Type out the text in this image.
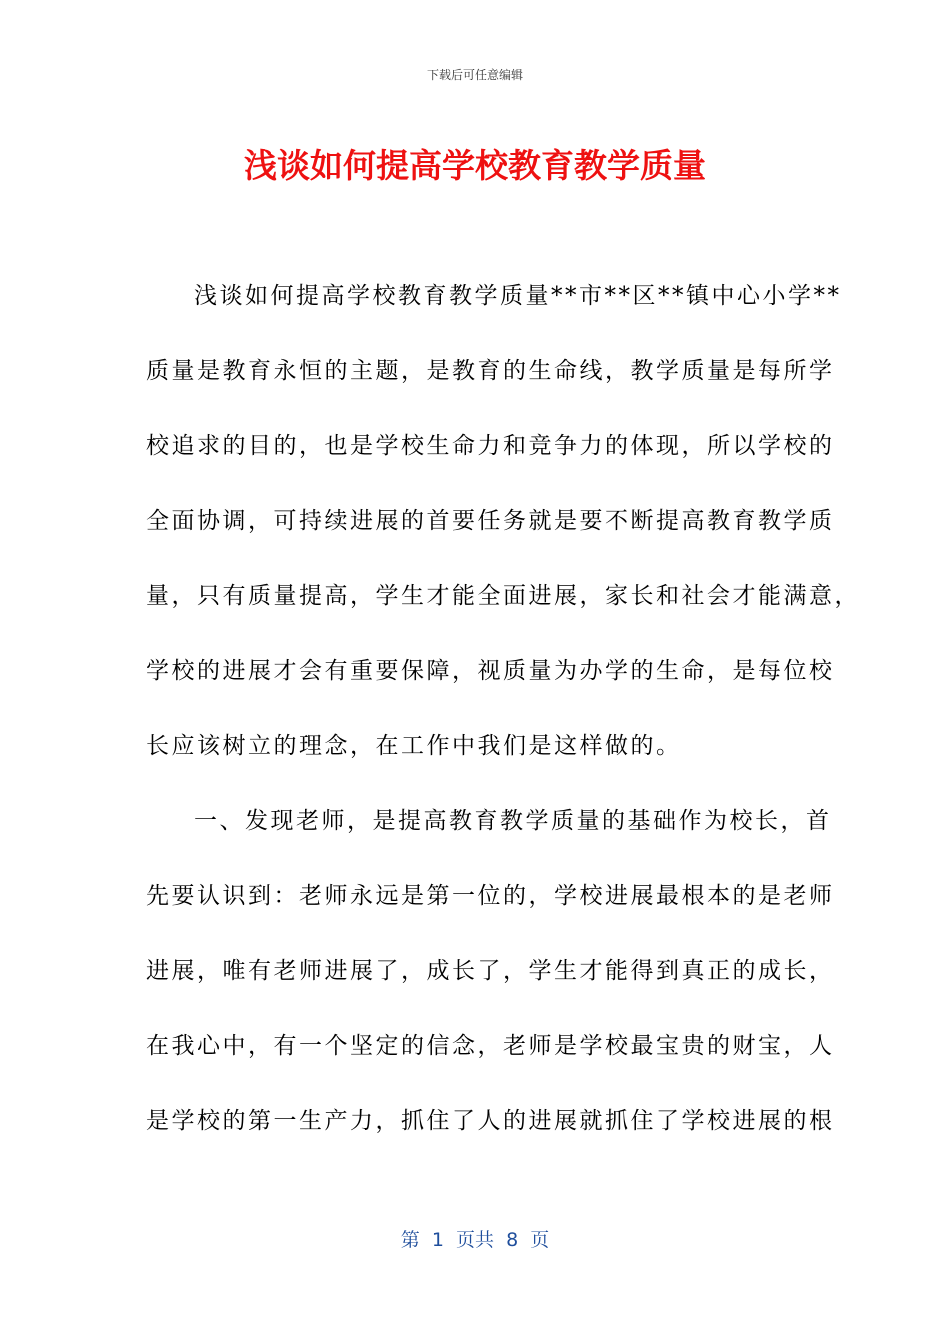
下载后可任意编辑
浅谈如何提高学校教育教学质量
浅谈如何提高学校教育教学质量**市**区**镇中心小学**
质量是教育永恒的主题，是教育的生命线，教学质量是每所学
校追求的目的，也是学校生命力和竞争力的体现，所以学校的
全面协调，可持续进展的首要任务就是要不断提高教育教学质
量，只有质量提高，学生才能全面进展，家长和社会才能满意，
学校的进展才会有重要保障，视质量为办学的生命，是每位校
长应该树立的理念，在工作中我们是这样做的。
一、发现老师，是提高教育教学质量的基础作为校长，首
先要认识到：老师永远是第一位的，学校进展最根本的是老师
进展，唯有老师进展了，成长了，学生才能得到真正的成长，
在我心中，有一个坚定的信念，老师是学校最宝贵的财宝，人
是学校的第一生产力，抓住了人的进展就抓住了学校进展的根
第  1  页共  8  页
